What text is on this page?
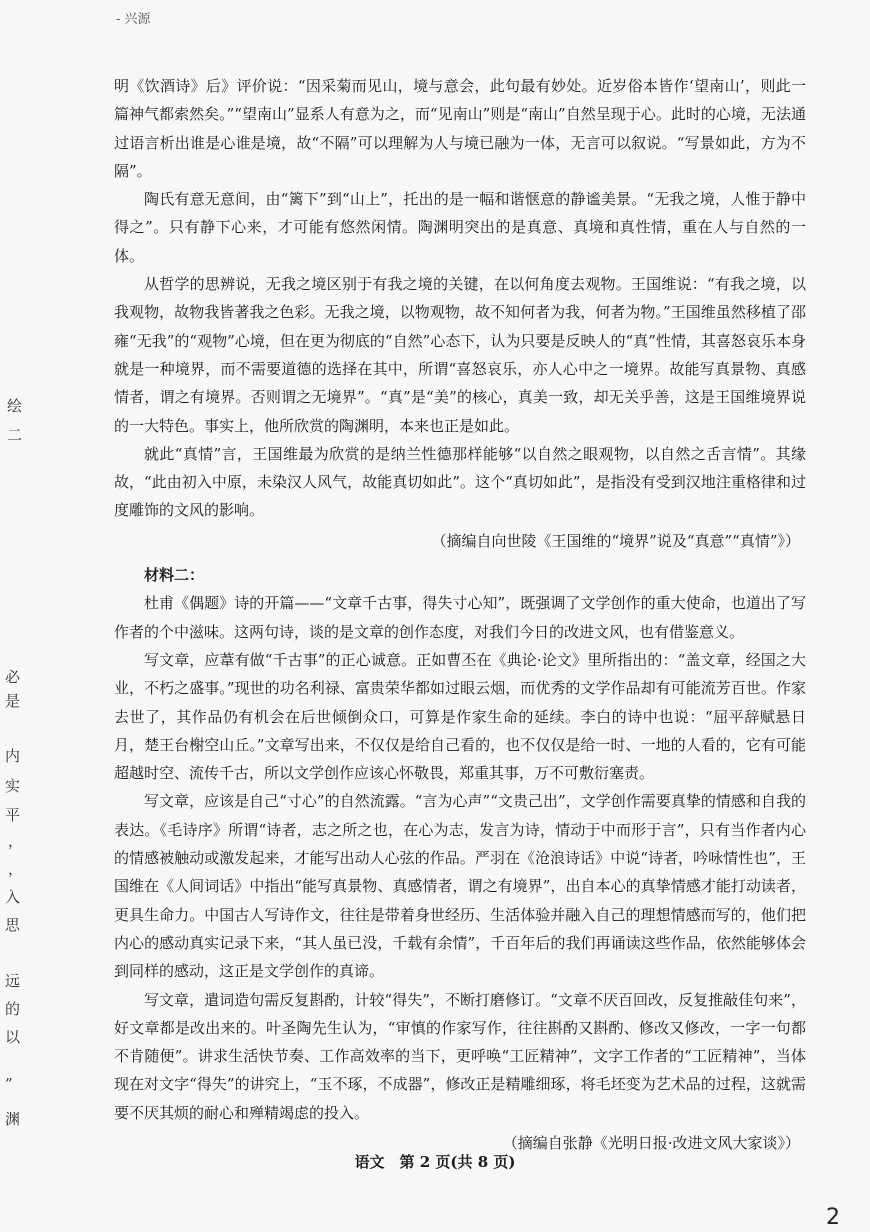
‐ 兴源
绘
二
必
是
内
实
平
，
，
入
思
远
的
以
”
渊

明《饮酒诗》后》评价说：“因采菊而见山，境与意会，此句最有妙处。近岁俗本皆作‘望南山’，则此一篇神气都索然矣。”“望南山”显系人有意为之，而“见南山”则是“南山”自然呈现于心。此时的心境，无法通过语言析出谁是心谁是境，故“不隔”可以理解为人与境已融为一体，无言可以叙说。“写景如此，方为不隔”。

陶氏有意无意间，由“篱下”到“山上”，托出的是一幅和谐惬意的静谧美景。“无我之境，人惟于静中得之”。只有静下心来，才可能有悠然闲情。陶渊明突出的是真意、真境和真性情，重在人与自然的一体。

从哲学的思辨说，无我之境区别于有我之境的关键，在以何角度去观物。王国维说：“有我之境，以我观物，故物我皆著我之色彩。无我之境，以物观物，故不知何者为我，何者为物。”王国维虽然移植了邵雍“无我”的“观物”心境，但在更为彻底的“自然”心态下，认为只要是反映人的“真”性情，其喜怒哀乐本身就是一种境界，而不需要道德的选择在其中，所谓“喜怒哀乐，亦人心中之一境界。故能写真景物、真感情者，谓之有境界。否则谓之无境界”。“真”是“美”的核心，真美一致，却无关乎善，这是王国维境界说的一大特色。事实上，他所欣赏的陶渊明，本来也正是如此。

就此“真情”言，王国维最为欣赏的是纳兰性德那样能够“以自然之眼观物，以自然之舌言情”。其缘故，“此由初入中原，未染汉人风气，故能真切如此”。这个“真切如此”，是指没有受到汉地注重格律和过度雕饰的文风的影响。

（摘编自向世陵《王国维的“境界”说及“真意”“真情”》）

材料二：

杜甫《偶题》诗的开篇——“文章千古事，得失寸心知”，既强调了文学创作的重大使命，也道出了写作者的个中滋味。这两句诗，谈的是文章的创作态度，对我们今日的改进文风，也有借鉴意义。

写文章，应葦有做“千古事”的正心诚意。正如曹丕在《典论·论文》里所指出的：“盖文章，经国之大业，不朽之盛事。”现世的功名利禄、富贵荣华都如过眼云烟，而优秀的文学作品却有可能流芳百世。作家去世了，其作品仍有机会在后世倾倒众口，可算是作家生命的延续。李白的诗中也说：“屈平辞赋悬日月，楚王台榭空山丘。”文章写出来，不仅仅是给自己看的，也不仅仅是给一时、一地的人看的，它有可能超越时空、流传千古，所以文学创作应该心怀敬畏，郑重其事，万不可敷衍塞责。

写文章，应该是自己“寸心”的自然流露。“言为心声”“文贵己出”，文学创作需要真挚的情感和自我的表达。《毛诗序》所谓“诗者，志之所之也，在心为志，发言为诗，情动于中而形于言”，只有当作者内心的情感被触动或激发起来，才能写出动人心弦的作品。严羽在《沧浪诗话》中说“诗者，吟咏情性也”，王国维在《人间词话》中指出“能写真景物、真感情者，谓之有境界”，出自本心的真挚情感才能打动读者，更具生命力。中国古人写诗作文，往往是带着身世经历、生活体验并融入自己的理想情感而写的，他们把内心的感动真实记录下来，“其人虽已没，千载有余情”，千百年后的我们再诵读这些作品，依然能够体会到同样的感动，这正是文学创作的真谛。

写文章，遣词造句需反复斟酌，计较“得失”，不断打磨修订。“文章不厌百回改，反复推敲佳句来”，好文章都是改出来的。叶圣陶先生认为，“审慎的作家写作，往往斟酌又斟酌、修改又修改，一字一句都不肯随便”。讲求生活快节奏、工作高效率的当下，更呼唤“工匠精神”，文字工作者的“工匠精神”，当体现在对文字“得失”的讲究上，“玉不琢，不成器”，修改正是精雕细琢，将毛坯变为艺术品的过程，这就需要不厌其烦的耐心和殚精竭虑的投入。

（摘编自张静《光明日报·改进文风大家谈》）

语文　第 2 页(共 8 页)
2
